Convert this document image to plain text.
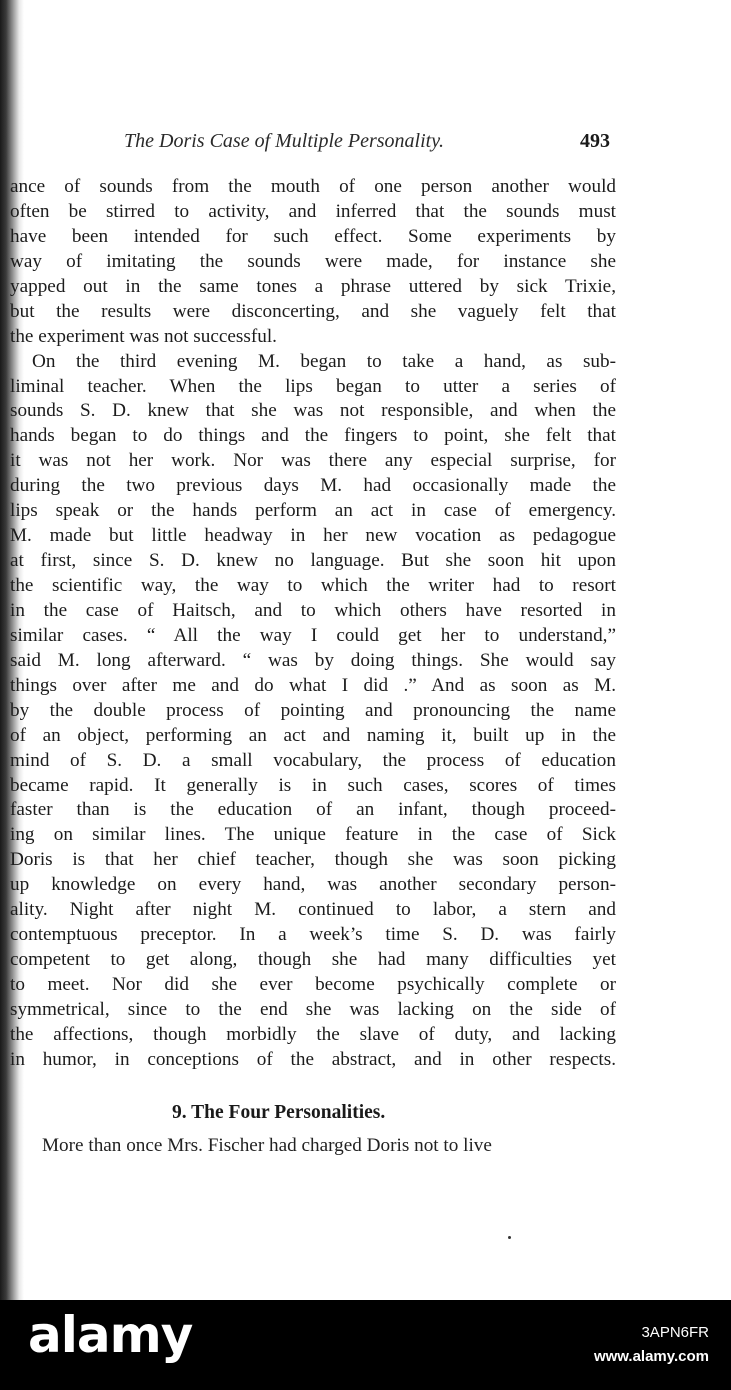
The Doris Case of Multiple Personality.	493
ance of sounds from the mouth of one person another would
often be stirred to activity, and inferred that the sounds must
have been intended for such effect. Some experiments by
way of imitating the sounds were made, for instance she
yapped out in the same tones a phrase uttered by sick Trixie,
but the results were disconcerting, and she vaguely felt that
the experiment was not successful.
On the third evening M. began to take a hand, as sub-
liminal teacher. When the lips began to utter a series of
sounds S. D. knew that she was not responsible, and when the
hands began to do things and the fingers to point, she felt that
it was not her work. Nor was there any especial surprise, for
during the two previous days M. had occasionally made the
lips speak or the hands perform an act in case of emergency.
M. made but little headway in her new vocation as pedagogue
at first, since S. D. knew no language. But she soon hit upon
the scientific way, the way to which the writer had to resort
in the case of Haitsch, and to which others have resorted in
similar cases. “ All the way I could get her to understand,”
said M. long afterward. “ was by doing things. She would say
things over after me and do what I did .” And as soon as M.
by the double process of pointing and pronouncing the name
of an object, performing an act and naming it, built up in the
mind of S. D. a small vocabulary, the process of education
became rapid. It generally is in such cases, scores of times
faster than is the education of an infant, though proceed-
ing on similar lines. The unique feature in the case of Sick
Doris is that her chief teacher, though she was soon picking
up knowledge on every hand, was another secondary person-
ality. Night after night M. continued to labor, a stern and
contemptuous preceptor. In a week’s time S. D. was fairly
competent to get along, though she had many difficulties yet
to meet. Nor did she ever become psychically complete or
symmetrical, since to the end she was lacking on the side of
the affections, though morbidly the slave of duty, and lacking
in humor, in conceptions of the abstract, and in other respects.
9. The Four Personalities.
More than once Mrs. Fischer had charged Doris not to live
alamy	3APN6FR
www.alamy.com
